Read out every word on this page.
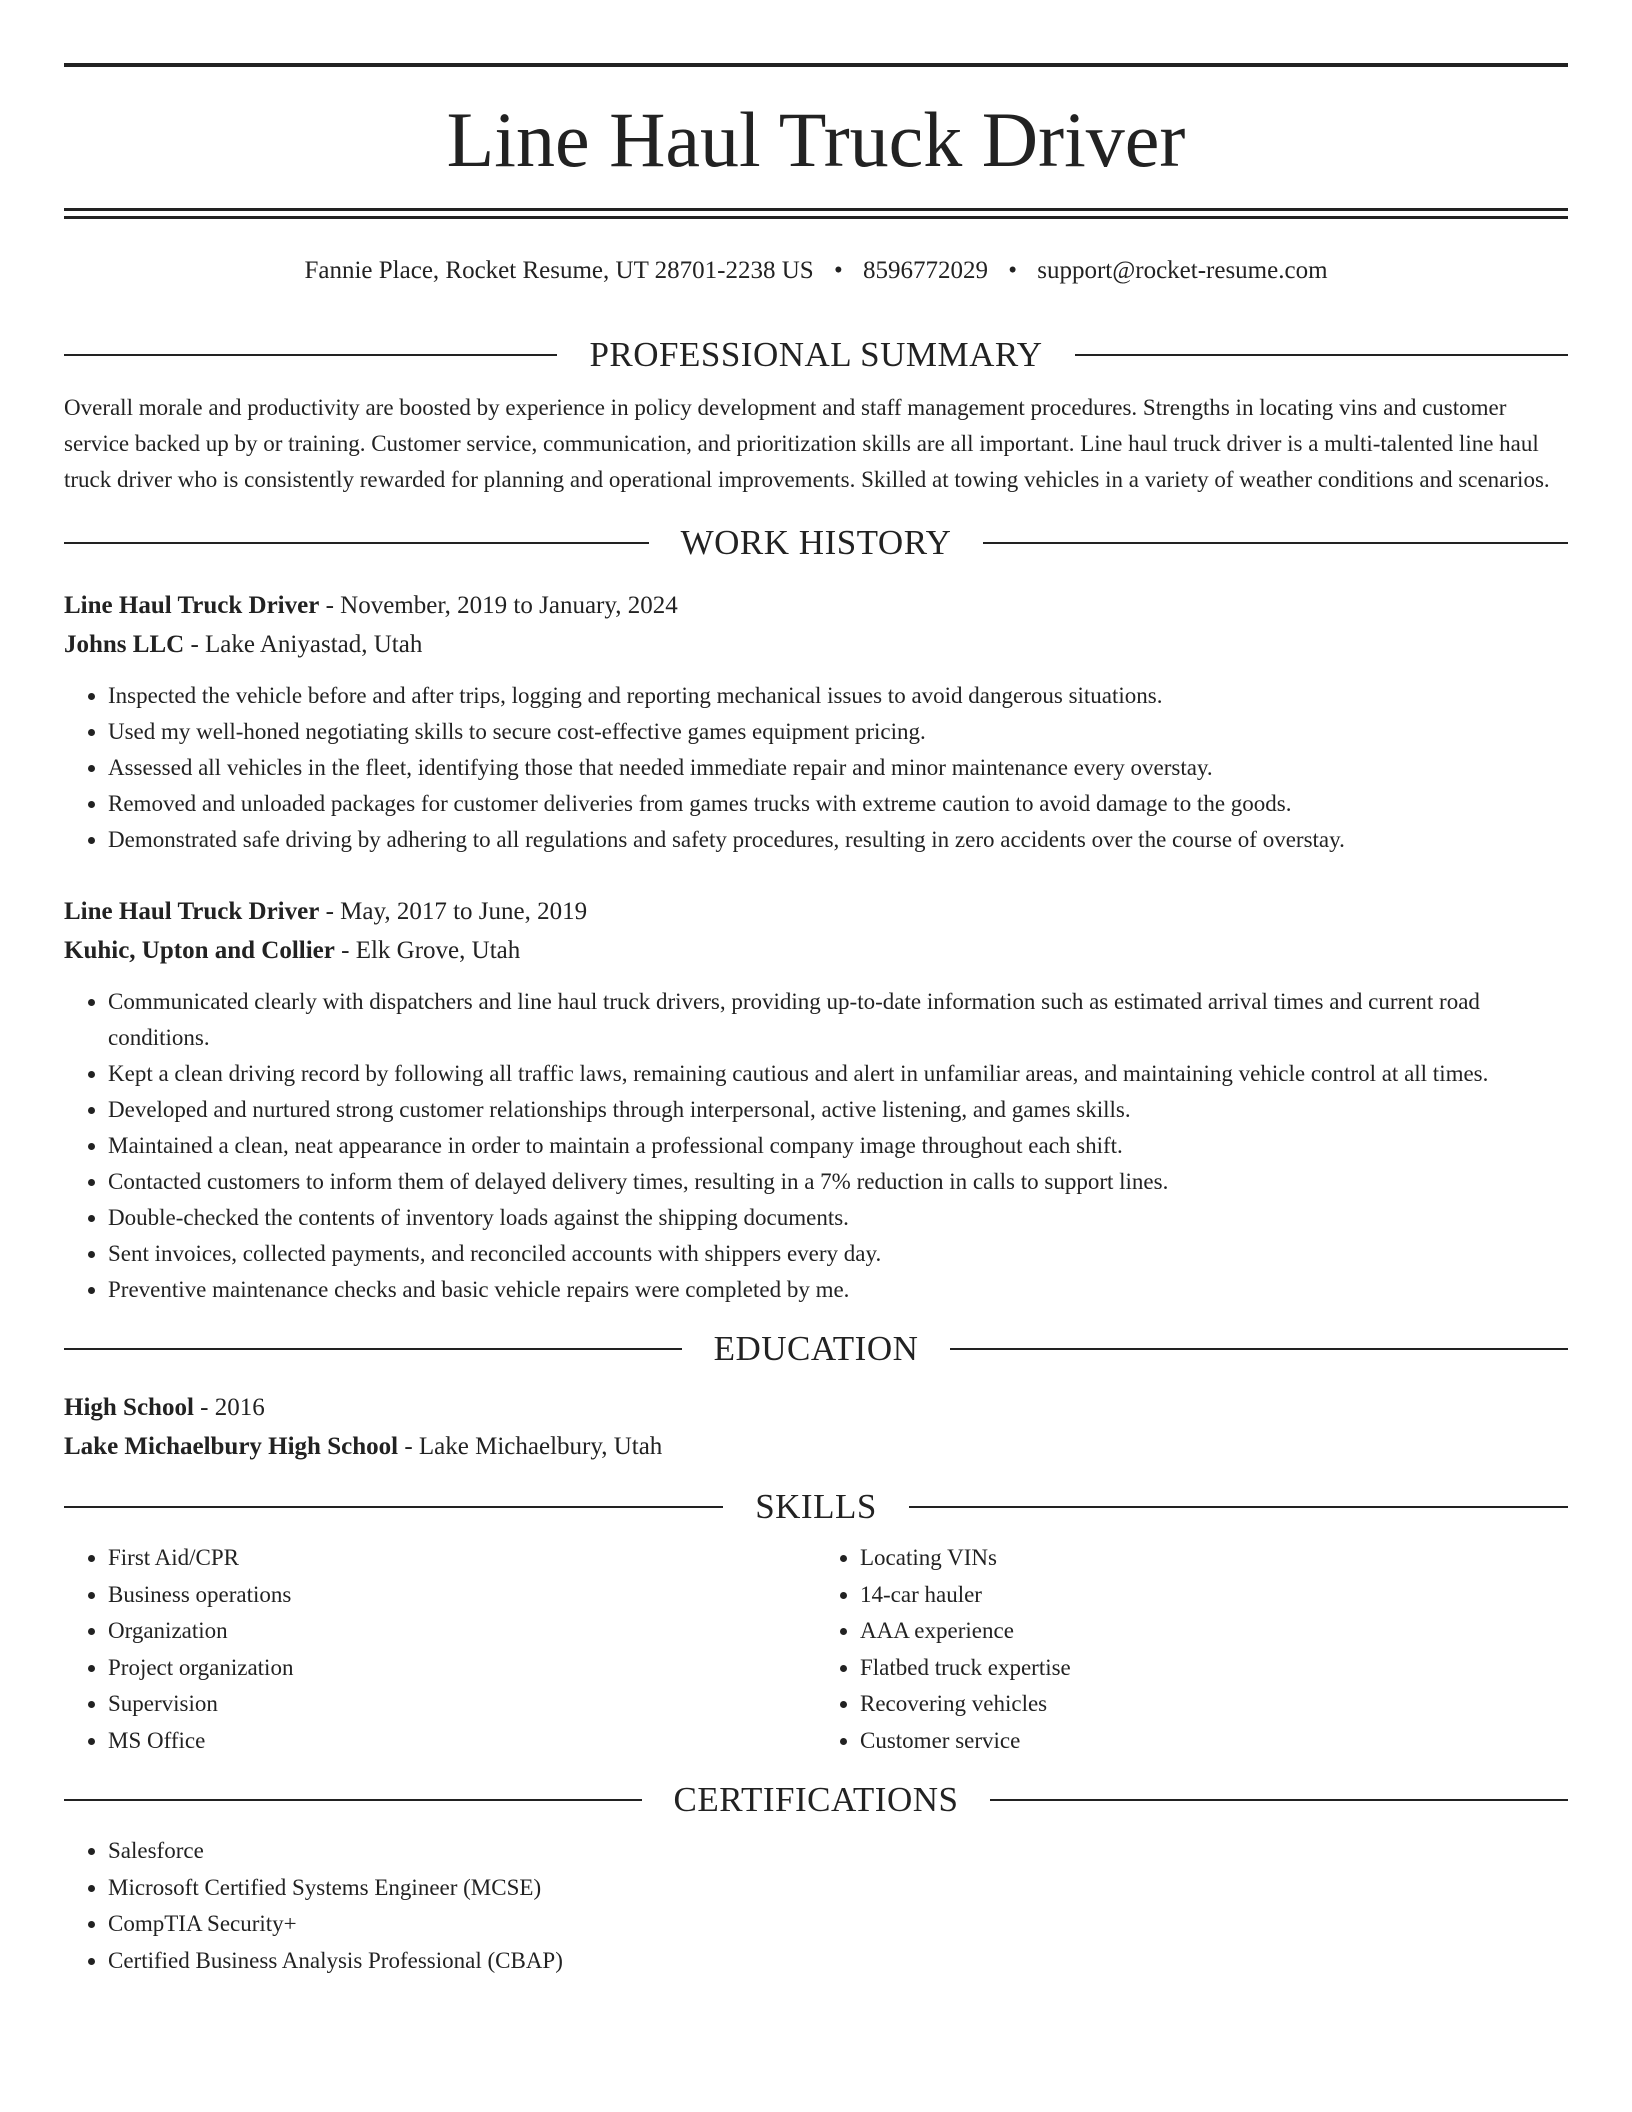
Line Haul Truck Driver
Fannie Place, Rocket Resume, UT 28701-2238 US • 8596772029 • support@rocket-resume.com
PROFESSIONAL SUMMARY

Overall morale and productivity are boosted by experience in policy development and staff management procedures. Strengths in locating vins and customer service backed up by or training. Customer service, communication, and prioritization skills are all important. Line haul truck driver is a multi-talented line haul truck driver who is consistently rewarded for planning and operational improvements. Skilled at towing vehicles in a variety of weather conditions and scenarios.

WORK HISTORY
Line Haul Truck Driver - November, 2019 to January, 2024
Johns LLC - Lake Aniyastad, Utah
• Inspected the vehicle before and after trips, logging and reporting mechanical issues to avoid dangerous situations.
• Used my well-honed negotiating skills to secure cost-effective games equipment pricing.
• Assessed all vehicles in the fleet, identifying those that needed immediate repair and minor maintenance every overstay.
• Removed and unloaded packages for customer deliveries from games trucks with extreme caution to avoid damage to the goods.
• Demonstrated safe driving by adhering to all regulations and safety procedures, resulting in zero accidents over the course of overstay.
Line Haul Truck Driver - May, 2017 to June, 2019
Kuhic, Upton and Collier - Elk Grove, Utah
• Communicated clearly with dispatchers and line haul truck drivers, providing up-to-date information such as estimated arrival times and current road conditions.
• Kept a clean driving record by following all traffic laws, remaining cautious and alert in unfamiliar areas, and maintaining vehicle control at all times.
• Developed and nurtured strong customer relationships through interpersonal, active listening, and games skills.
• Maintained a clean, neat appearance in order to maintain a professional company image throughout each shift.
• Contacted customers to inform them of delayed delivery times, resulting in a 7% reduction in calls to support lines.
• Double-checked the contents of inventory loads against the shipping documents.
• Sent invoices, collected payments, and reconciled accounts with shippers every day.
• Preventive maintenance checks and basic vehicle repairs were completed by me.
EDUCATION
High School - 2016
Lake Michaelbury High School - Lake Michaelbury, Utah
SKILLS
• First Aid/CPR
• Business operations
• Organization
• Project organization
• Supervision
• MS Office
• Locating VINs
• 14-car hauler
• AAA experience
• Flatbed truck expertise
• Recovering vehicles
• Customer service
CERTIFICATIONS
• Salesforce
• Microsoft Certified Systems Engineer (MCSE)
• CompTIA Security+
• Certified Business Analysis Professional (CBAP)
